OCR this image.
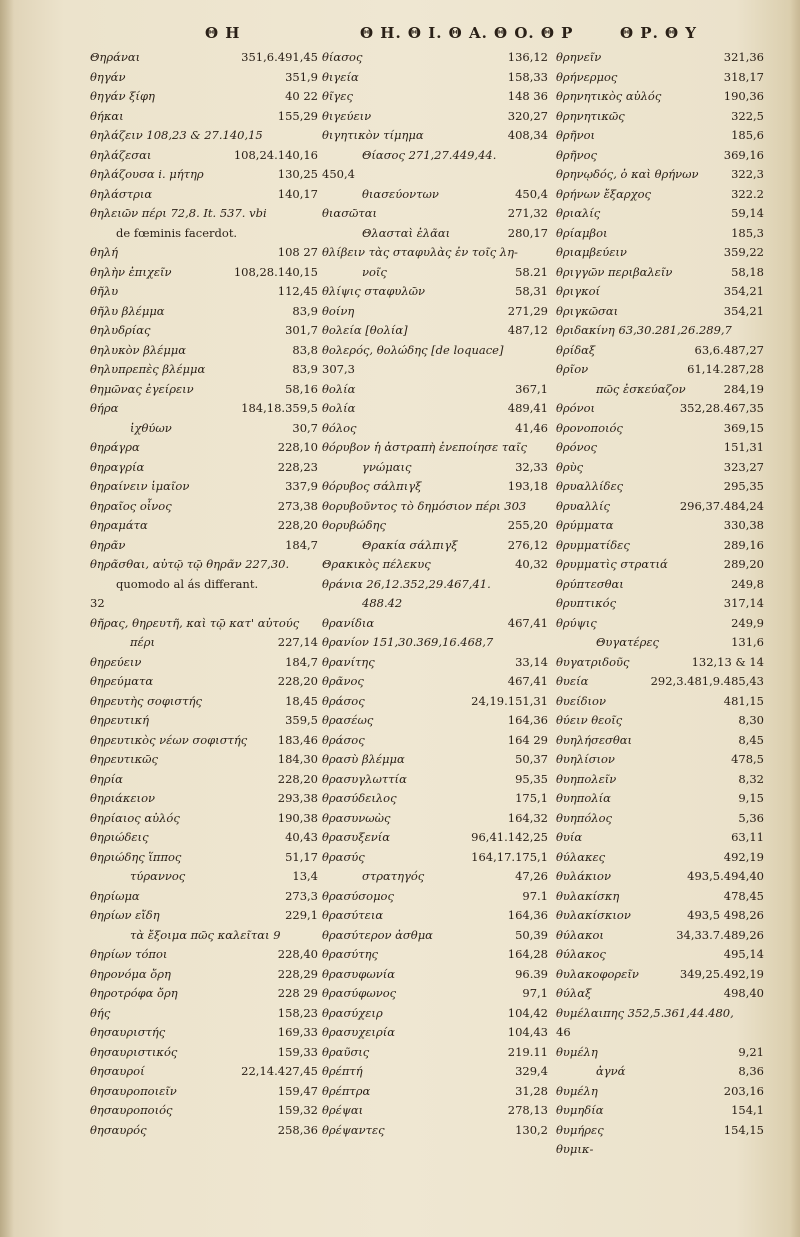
Θ Η	Θ Η. Θ Ι. Θ Α. Θ Ο. Θ Ρ	Θ Ρ. Θ Υ
Θηράναι	351,6.491,45
θηγάν	351,9
θηγάν ξίφη	40 22
θήκαι	155,29
θηλάζειν 108,23 & 27.140,15
θηλάζεσαι	108,24.140,16
θηλάζουσα i. μήτηρ	130,25
θηλάστρια	140,17
θηλειῶν πέρι 72,8. It. 537. vbi
de fœminis facerdot.
θηλή	108 27
θηλὴν ἐπιχεῖν	108,28.140,15
θῆλυ	112,45
θῆλυ βλέμμα	83,9
θηλυδρίας	301,7
θηλυκὸν βλέμμα	83,8
θηλυπρεπὲς βλέμμα	83,9
θημῶνας ἐγείρειν	58,16
θήρα	184,18.359,5
ἰχθύων	30,7
θηράγρα	228,10
θηραγρία	228,23
θηραίνειν ἱμαῖον	337,9
θηραῖος οἶνος	273,38
θηραμάτα	228,20
θηρᾶν	184,7
θηρᾶσθαι, αὐτῷ τῷ θηρᾶν 227,30.
quomodo al ás differant.
32
θῆρας, θηρευτῆ, καὶ τῷ κατ' αὐτούς
πέρι	227,14
θηρεύειν	184,7
θηρεύματα	228,20
θηρευτὴς σοφιστής	18,45
θηρευτική	359,5
θηρευτικὸς νέων σοφιστής	183,46
θηρευτικῶς	184,30
θηρία	228,20
θηριάκειον	293,38
θηρίαιος αὐλός	190,38
θηριώδεις	40,43
θηριώδης ἵππος	51,17
τύραννος	13,4
θηρίωμα	273,3
θηρίων εἴδη	229,1
τὰ ἔξοιμα πῶς καλεῖται 9
θηρίων τόποι	228,40
θηρονόμα ὄρη	228,29
θηροτρόφα ὄρη	228 29
θής	158,23
θησαυριστής	169,33
θησαυριστικός	159,33
θησαυροί	22,14.427,45
θησαυροποιεῖν	159,47
θησαυροποιός	159,32
θησαυρός	258,36
θίασος	136,12
θιγεία	158,33
θῖγες	148 36
θιγεύειν	320,27
θιγητικὸν τίμημα	408,34
Θίασος 271,27.449,44.
450,4
θιασεύοντων	450,4
θιασῶται	271,32
Θλασταὶ ἐλᾶαι	280,17
θλίβειν τὰς σταφυλὰς ἐν τοῖς λη-
νοῖς	58.21
θλίψις σταφυλῶν	58,31
θοίνη	271,29
θολεία [θολία]	487,12
θολερός, θολώδης [de loquace]
307,3
θολία	367,1
θολία	489,41
θόλος	41,46
θόρυβον ἡ ἀστραπὴ ἐνεποίησε ταῖς
γνώμαις	32,33
θόρυβος σάλπιγξ	193,18
θορυβοῦντος τὸ δημόσιον πέρι 303
θορυβώδης	255,20
Θρακία σάλπιγξ	276,12
Θρακικὸς πέλεκυς	40,32
θράνια 26,12.352,29.467,41.
488.42
θρανίδια	467,41
θρανίον 151,30.369,16.468,7
θρανίτης	33,14
θρᾶνος	467,41
θράσος	24,19.151,31
θρασέως	164,36
θράσος	164 29
θρασὺ βλέμμα	50,37
θρασυγλωττία	95,35
θρασύδειλος	175,1
θρασυνωὼς	164,32
θρασυξενία	96,41.142,25
θρασύς	164,17.175,1
στρατηγός	47,26
θρασύσομος	97.1
θρασύτεια	164,36
θρασύτερον ἀσθμα	50,39
θρασύτης	164,28
θρασυφωνία	96.39
θρασύφωνος	97,1
θρασύχειρ	104,42
θρασυχειρία	104,43
θραῦσις	219.11
θρέπτή	329,4
θρέπτρα	31,28
θρέψαι	278,13
θρέψαντες	130,2
θρηνεῖν	321,36
θρήνερμος	318,17
θρηνητικὸς αὐλός	190,36
θρηνητικῶς	322,5
θρῆνοι	185,6
θρῆνος	369,16
θρηνῳδός, ὁ καὶ θρήνων	322,3
θρήνων ἔξαρχος	322.2
θριαλίς	59,14
θρίαμβοι	185,3
θριαμβεύειν	359,22
θριγγῶν περιβαλεῖν	58,18
θριγκοί	354,21
θριγκῶσαι	354,21
θριδακίνη 63,30.281,26.289,7
θρίδαξ	63,6.487,27
θρῖον	61,14.287,28
πῶς ἐσκεύαζον	284,19
θρόνοι	352,28.467,35
θρονοποιός	369,15
θρόνος	151,31
θρὺς	323,27
θρυαλλίδες	295,35
θρυαλλίς	296,37.484,24
θρύμματα	330,38
θρυμματίδες	289,16
θρυμματὶς στρατιά	289,20
θρύπτεσθαι	249,8
θρυπτικός	317,14
θρύψις	249,9
Θυγατέρες	131,6
θυγατριδοῦς	132,13 & 14
θυεία	292,3.481,9.485,43
θυείδιον	481,15
θύειν θεοῖς	8,30
θυηλήσεσθαι	8,45
θυηλίσιον	478,5
θυηπολεῖν	8,32
θυηπολία	9,15
θυηπόλος	5,36
θυία	63,11
θύλακες	492,19
θυλάκιον	493,5.494,40
θυλακίσκη	478,45
θυλακίσκιον	493,5 498,26
θύλακοι	34,33.7.489,26
θύλακος	495,14
θυλακοφορεῖν	349,25.492,19
θύλαξ	498,40
θυμέλαιπης 352,5.361,44.480,
46
θυμέλη	9,21
ἀγνά	8,36
θυμέλη	203,16
θυμηδία	154,1
θυμήρες	154,15
θυμικ-
